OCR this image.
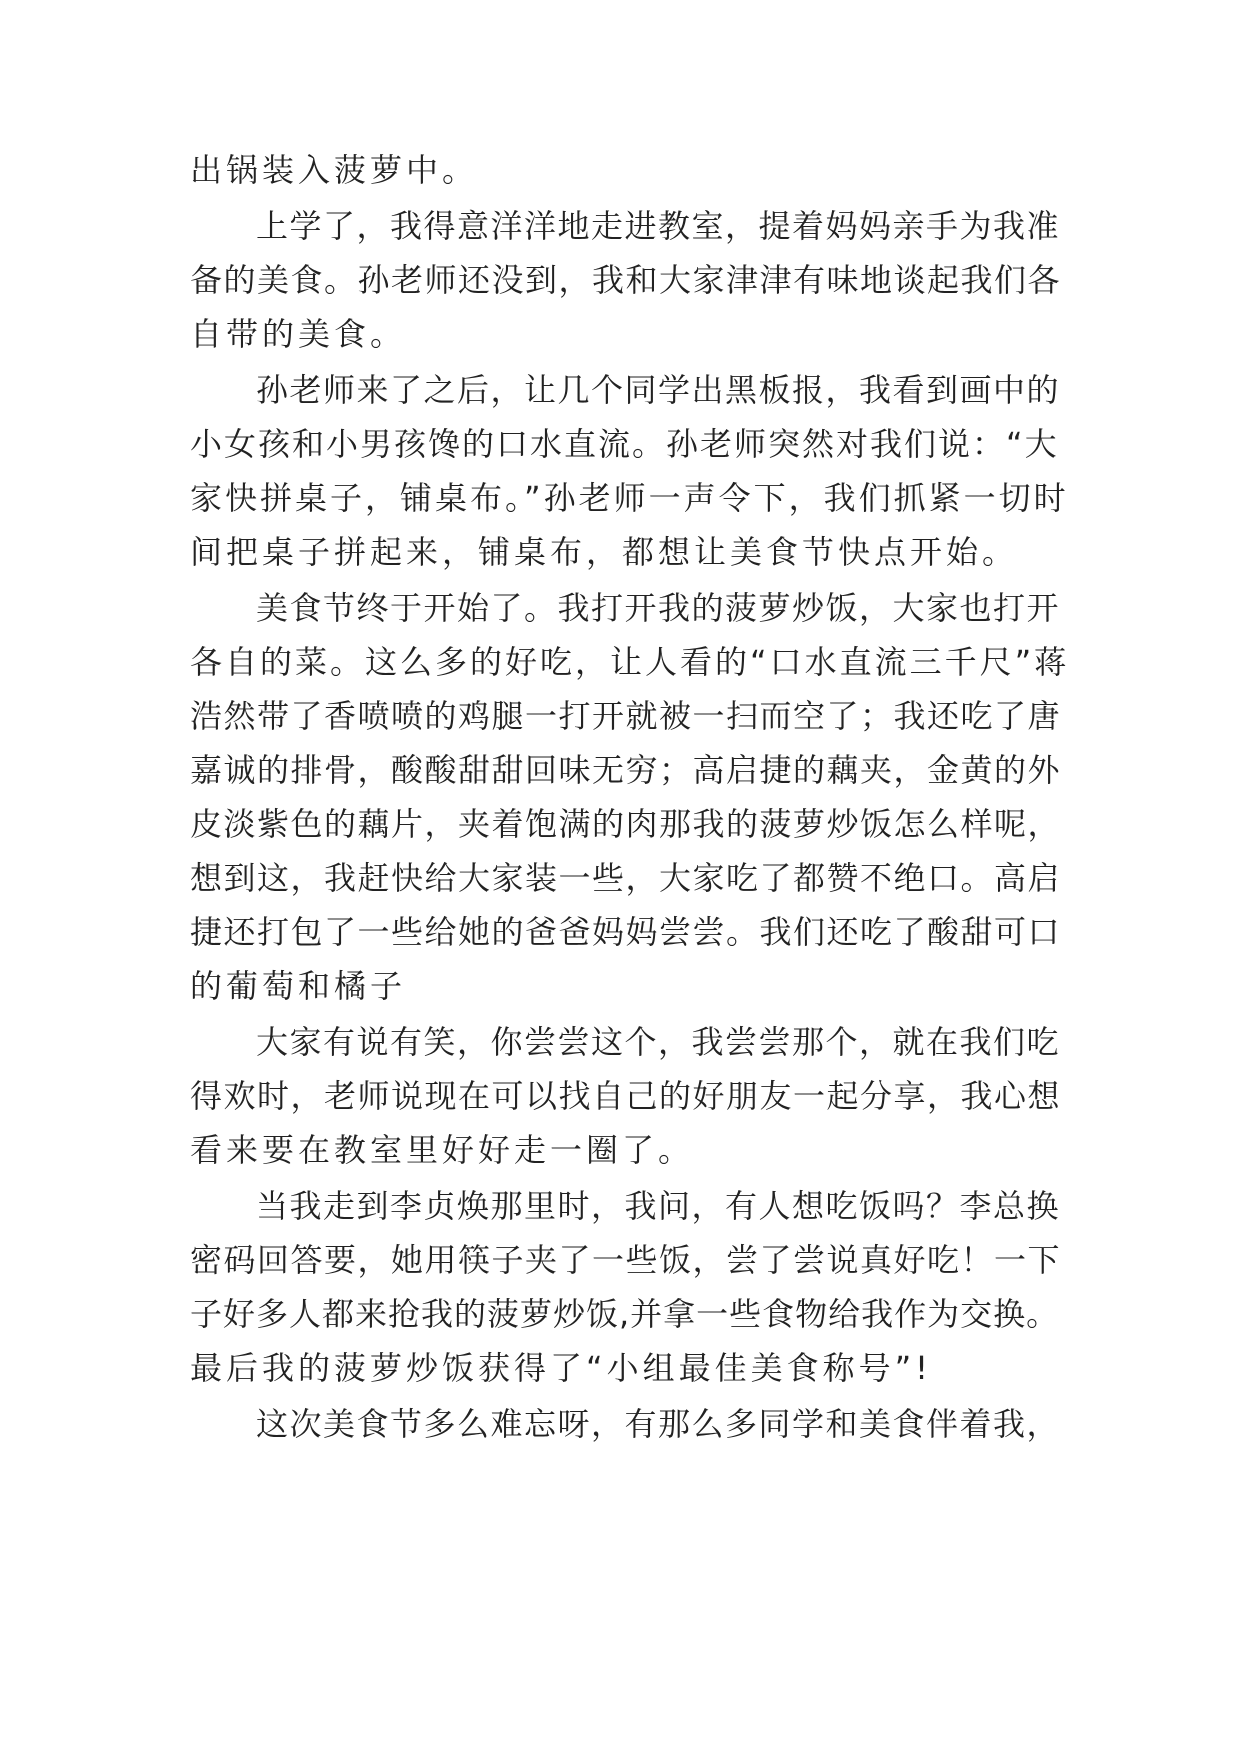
出锅装入菠萝中。

上学了，我得意洋洋地走进教室，提着妈妈亲手为我准

备的美食。孙老师还没到，我和大家津津有味地谈起我们各

自带的美食。

孙老师来了之后，让几个同学出黑板报，我看到画中的

小女孩和小男孩馋的口水直流。孙老师突然对我们说：“大

家快拼桌子，铺桌布。”孙老师一声令下，我们抓紧一切时

间把桌子拼起来，铺桌布，都想让美食节快点开始。

美食节终于开始了。我打开我的菠萝炒饭，大家也打开

各自的菜。这么多的好吃，让人看的“口水直流三千尺”蒋

浩然带了香喷喷的鸡腿一打开就被一扫而空了；我还吃了唐

嘉诚的排骨，酸酸甜甜回味无穷；高启捷的藕夹，金黄的外

皮淡紫色的藕片，夹着饱满的肉那我的菠萝炒饭怎么样呢，

想到这，我赶快给大家装一些，大家吃了都赞不绝口。高启

捷还打包了一些给她的爸爸妈妈尝尝。我们还吃了酸甜可口

的葡萄和橘子

大家有说有笑，你尝尝这个，我尝尝那个，就在我们吃

得欢时，老师说现在可以找自己的好朋友一起分享，我心想

看来要在教室里好好走一圈了。

当我走到李贞焕那里时，我问，有人想吃饭吗？李总换

密码回答要，她用筷子夹了一些饭，尝了尝说真好吃！一下

子好多人都来抢我的菠萝炒饭,并拿一些食物给我作为交换。

最后我的菠萝炒饭获得了“小组最佳美食称号”!

这次美食节多么难忘呀，有那么多同学和美食伴着我，
